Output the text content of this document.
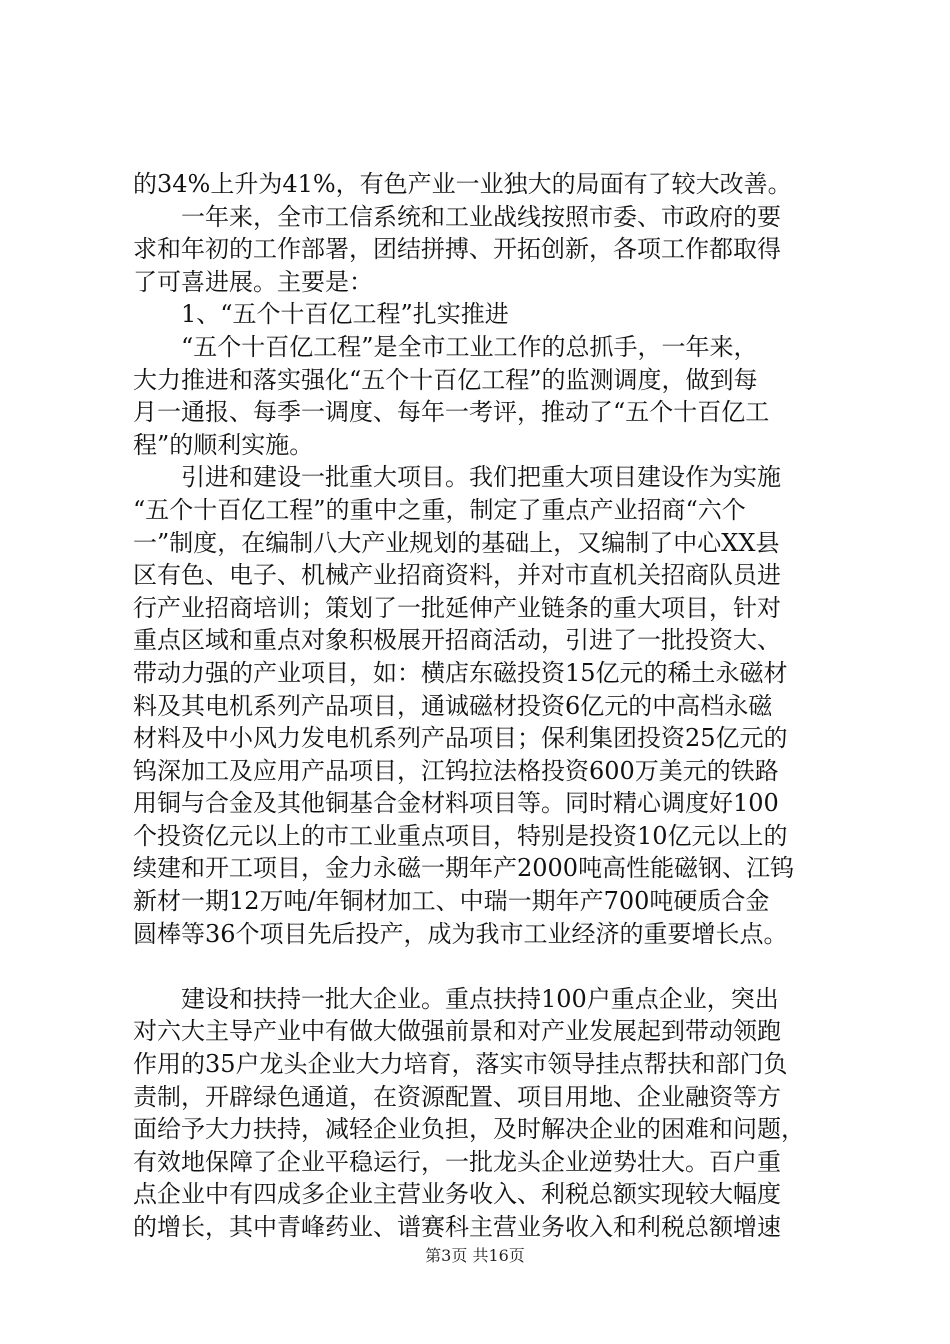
的34%上升为41%，有色产业一业独大的局面有了较大改善。
　　一年来，全市工信系统和工业战线按照市委、市政府的要
求和年初的工作部署，团结拼搏、开拓创新，各项工作都取得
了可喜进展。主要是：
　　1、“五个十百亿工程”扎实推进
　　“五个十百亿工程”是全市工业工作的总抓手，一年来，
大力推进和落实强化“五个十百亿工程”的监测调度，做到每
月一通报、每季一调度、每年一考评，推动了“五个十百亿工
程”的顺利实施。
　　引进和建设一批重大项目。我们把重大项目建设作为实施
“五个十百亿工程”的重中之重，制定了重点产业招商“六个
一”制度，在编制八大产业规划的基础上，又编制了中心XX县
区有色、电子、机械产业招商资料，并对市直机关招商队员进
行产业招商培训；策划了一批延伸产业链条的重大项目，针对
重点区域和重点对象积极展开招商活动，引进了一批投资大、
带动力强的产业项目，如：横店东磁投资15亿元的稀土永磁材
料及其电机系列产品项目，通诚磁材投资6亿元的中高档永磁
材料及中小风力发电机系列产品项目；保利集团投资25亿元的
钨深加工及应用产品项目，江钨拉法格投资600万美元的铁路
用铜与合金及其他铜基合金材料项目等。同时精心调度好100
个投资亿元以上的市工业重点项目，特别是投资10亿元以上的
续建和开工项目，金力永磁一期年产2000吨高性能磁钢、江钨
新材一期12万吨/年铜材加工、中瑞一期年产700吨硬质合金
圆棒等36个项目先后投产，成为我市工业经济的重要增长点。
　　建设和扶持一批大企业。重点扶持100户重点企业，突出
对六大主导产业中有做大做强前景和对产业发展起到带动领跑
作用的35户龙头企业大力培育，落实市领导挂点帮扶和部门负
责制，开辟绿色通道，在资源配置、项目用地、企业融资等方
面给予大力扶持，减轻企业负担，及时解决企业的困难和问题，
有效地保障了企业平稳运行，一批龙头企业逆势壮大。百户重
点企业中有四成多企业主营业务收入、利税总额实现较大幅度
的增长，其中青峰药业、谱赛科主营业务收入和利税总额增速
第3页 共16页
